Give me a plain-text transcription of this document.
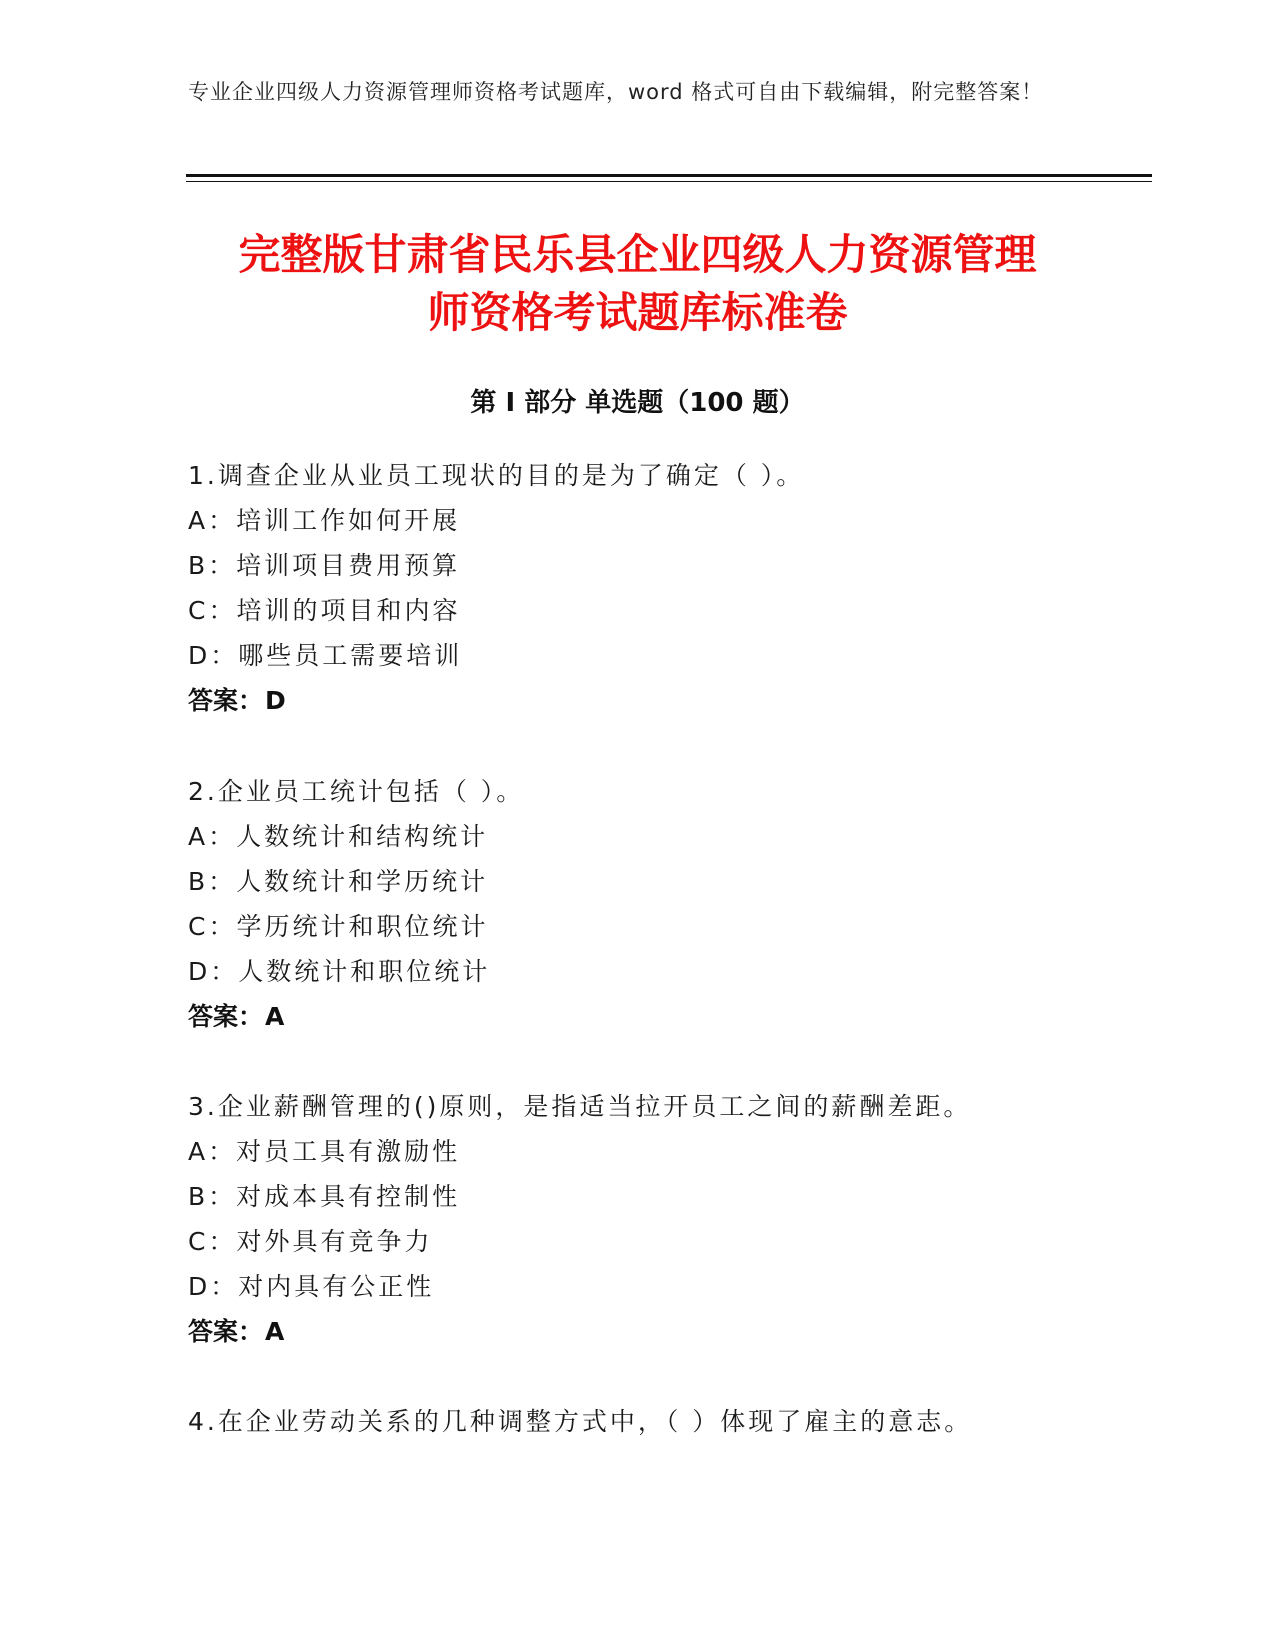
专业企业四级人力资源管理师资格考试题库，word 格式可自由下载编辑，附完整答案！
完整版甘肃省民乐县企业四级人力资源管理
师资格考试题库标准卷
第 I 部分 单选题（100 题）
1.调查企业从业员工现状的目的是为了确定（ ）。
A：培训工作如何开展
B：培训项目费用预算
C：培训的项目和内容
D：哪些员工需要培训
答案：D
2.企业员工统计包括（ ）。
A：人数统计和结构统计
B：人数统计和学历统计
C：学历统计和职位统计
D：人数统计和职位统计
答案：A
3.企业薪酬管理的()原则，是指适当拉开员工之间的薪酬差距。
A：对员工具有激励性
B：对成本具有控制性
C：对外具有竞争力
D：对内具有公正性
答案：A
4.在企业劳动关系的几种调整方式中，（ ）体现了雇主的意志。
